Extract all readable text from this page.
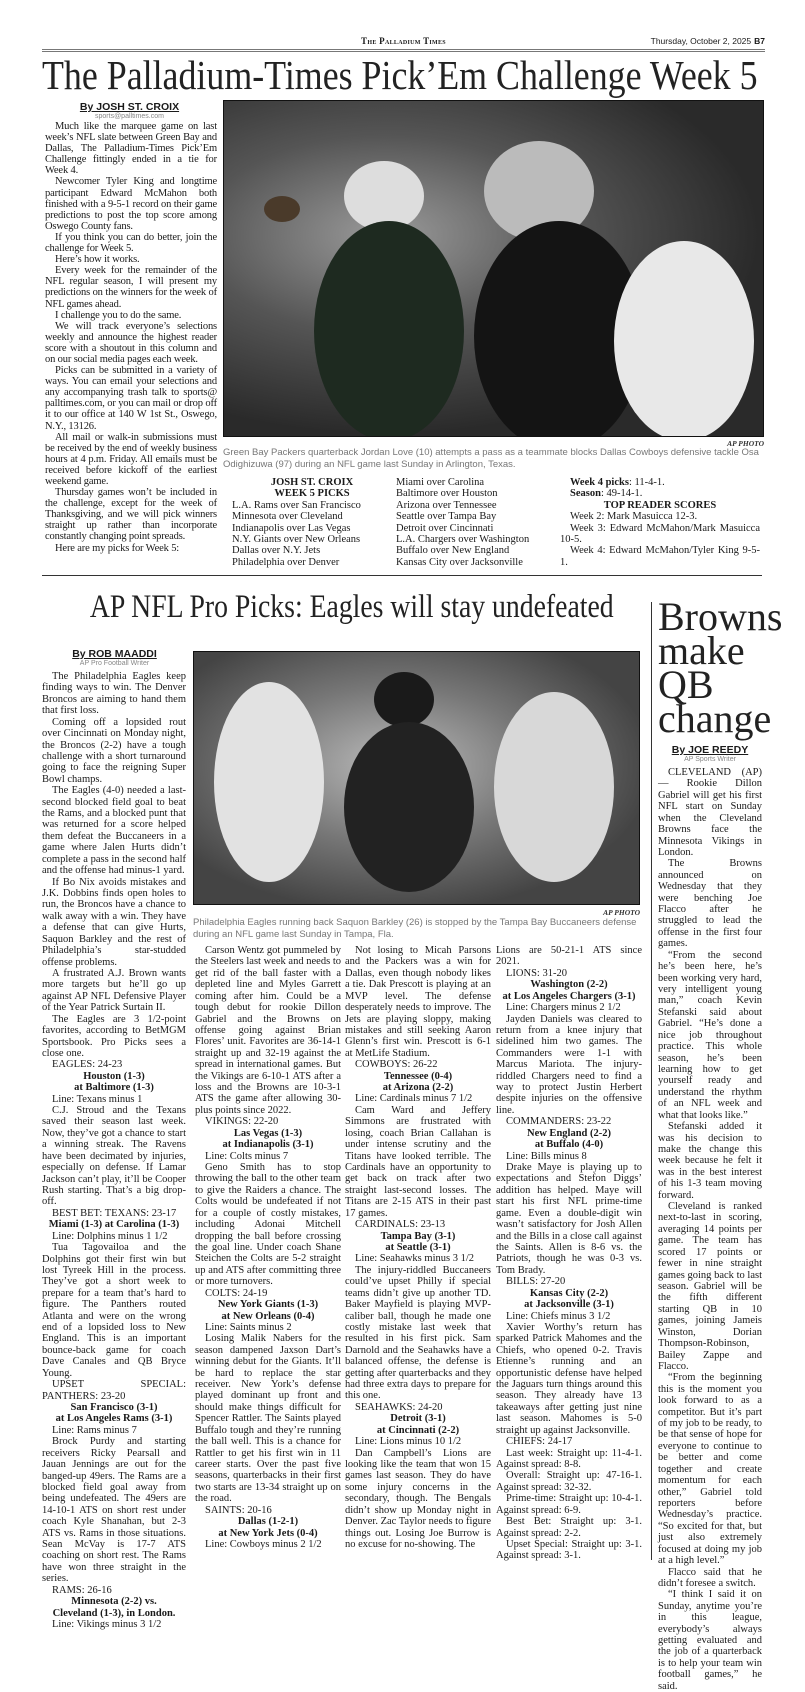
The Palladium Times	Thursday, October 2, 2025 B7
The Palladium-Times Pick’Em Challenge Week 5
By JOSH ST. CROIX
sports@palltimes.com

Much like the marquee game on last week’s NFL slate between Green Bay and Dallas, The Palladium-Times Pick’Em Challenge fittingly ended in a tie for Week 4.

Newcomer Tyler King and longtime participant Edward McMahon both finished with a 9-5-1 record on their game predictions to post the top score among Oswego County fans.

If you think you can do better, join the challenge for Week 5.

Here’s how it works.

Every week for the remainder of the NFL regular season, I will present my predictions on the winners for the week of NFL games ahead.

I challenge you to do the same.

We will track everyone’s selections weekly and announce the highest reader score with a shoutout in this column and on our social media pages each week.

Picks can be submitted in a variety of ways. You can email your selections and any accompanying trash talk to sports@ palltimes.com, or you can mail or drop off it to our office at 140 W 1st St., Oswego, N.Y., 13126.

All mail or walk-in submissions must be received by the end of weekly business hours at 4 p.m. Friday. All emails must be received before kickoff of the earliest weekend game.

Thursday games won’t be included in the challenge, except for the week of Thanksgiving, and we will pick winners straight up rather than incorporate constantly changing point spreads.

Here are my picks for Week 5:

AP PHOTO
Green Bay Packers quarterback Jordan Love (10) attempts a pass as a teammate blocks Dallas Cowboys defensive tackle Osa Odighizuwa (97) during an NFL game last Sunday in Arlington, Texas.
JOSH ST. CROIX
WEEK 5 PICKS
L.A. Rams over San Francisco
Minnesota over Cleveland
Indianapolis over Las Vegas
N.Y. Giants over New Orleans
Dallas over N.Y. Jets
Philadelphia over Denver
Miami over Carolina
Baltimore over Houston
Arizona over Tennessee
Seattle over Tampa Bay
Detroit over Cincinnati
L.A. Chargers over Washington
Buffalo over New England
Kansas City over Jacksonville
Week 4 picks: 11-4-1.
Season: 49-14-1.
TOP READER SCORES
Week 2: Mark Masuicca 12-3.
Week 3: Edward McMahon/Mark Masuicca 10-5.
Week 4: Edward McMahon/Tyler King 9-5-1.
AP NFL Pro Picks: Eagles will stay undefeated
By ROB MAADDI
AP Pro Football Writer

The Philadelphia Eagles keep finding ways to win. The Denver Broncos are aiming to hand them that first loss.

Coming off a lopsided rout over Cincinnati on Monday night, the Broncos (2-2) have a tough challenge with a short turnaround going to face the reigning Super Bowl champs.

The Eagles (4-0) needed a last-second blocked field goal to beat the Rams, and a blocked punt that was returned for a score helped them defeat the Buccaneers in a game where Jalen Hurts didn’t complete a pass in the second half and the offense had minus-1 yard.

If Bo Nix avoids mistakes and J.K. Dobbins finds open holes to run, the Broncos have a chance to walk away with a win. They have a defense that can give Hurts, Saquon Barkley and the rest of Philadelphia’s star-studded offense problems.

A frustrated A.J. Brown wants more targets but he’ll go up against AP NFL Defensive Player of the Year Patrick Surtain II.

The Eagles are 3 1/2-point favorites, according to BetMGM Sportsbook. Pro Picks sees a close one.

EAGLES: 24-23

Houston (1-3)
at Baltimore (1-3)

Line: Texans minus 1

C.J. Stroud and the Texans saved their season last week. Now, they’ve got a chance to start a winning streak. The Ravens have been decimated by injuries, especially on defense. If Lamar Jackson can’t play, it’ll be Cooper Rush starting. That’s a big drop-off.

BEST BET: TEXANS: 23-17

Miami (1-3) at Carolina (1-3)

Line: Dolphins minus 1 1/2

Tua Tagovailoa and the Dolphins got their first win but lost Tyreek Hill in the process. They’ve got a short week to prepare for a team that’s hard to figure. The Panthers routed Atlanta and were on the wrong end of a lopsided loss to New England. This is an important bounce-back game for coach Dave Canales and QB Bryce Young.

UPSET SPECIAL: PANTHERS: 23-20

San Francisco (3-1)
at Los Angeles Rams (3-1)

Line: Rams minus 7

Brock Purdy and starting receivers Ricky Pearsall and Jauan Jennings are out for the banged-up 49ers. The Rams are a blocked field goal away from being undefeated. The 49ers are 14-10-1 ATS on short rest under coach Kyle Shanahan, but 2-3 ATS vs. Rams in those situations. Sean McVay is 17-7 ATS coaching on short rest. The Rams have won three straight in the series.

RAMS: 26-16

Minnesota (2-2) vs.
Cleveland (1-3), in London.

Line: Vikings minus 3 1/2

AP PHOTO
Philadelphia Eagles running back Saquon Barkley (26) is stopped by the Tampa Bay Buccaneers defense during an NFL game last Sunday in Tampa, Fla.

Carson Wentz got pummeled by the Steelers last week and needs to get rid of the ball faster with a depleted line and Myles Garrett coming after him. Could be a tough debut for rookie Dillon Gabriel and the Browns on offense going against Brian Flores’ unit. Favorites are 36-14-1 straight up and 32-19 against the spread in international games. But the Vikings are 6-10-1 ATS after a loss and the Browns are 10-3-1 ATS the game after allowing 30-plus points since 2022.

VIKINGS: 22-20

Las Vegas (1-3)
at Indianapolis (3-1)

Line: Colts minus 7

Geno Smith has to stop throwing the ball to the other team to give the Raiders a chance. The Colts would be undefeated if not for a couple of costly mistakes, including Adonai Mitchell dropping the ball before crossing the goal line. Under coach Shane Steichen the Colts are 5-2 straight up and ATS after committing three or more turnovers.

COLTS: 24-19

New York Giants (1-3)
at New Orleans (0-4)

Line: Saints minus 2

Losing Malik Nabers for the season dampened Jaxson Dart’s winning debut for the Giants. It’ll be hard to replace the star receiver. New York’s defense played dominant up front and should make things difficult for Spencer Rattler. The Saints played Buffalo tough and they’re running the ball well. This is a chance for Rattler to get his first win in 11 career starts. Over the past five seasons, quarterbacks in their first two starts are 13-34 straight up on the road.

SAINTS: 20-16

Dallas (1-2-1)
at New York Jets (0-4)

Line: Cowboys minus 2 1/2

Not losing to Micah Parsons and the Packers was a win for Dallas, even though nobody likes a tie. Dak Prescott is playing at an MVP level. The defense desperately needs to improve. The Jets are playing sloppy, making mistakes and still seeking Aaron Glenn’s first win. Prescott is 6-1 at MetLife Stadium.

COWBOYS: 26-22

Tennessee (0-4)
at Arizona (2-2)

Line: Cardinals minus 7 1/2

Cam Ward and Jeffery Simmons are frustrated with losing, coach Brian Callahan is under intense scrutiny and the Titans have looked terrible. The Cardinals have an opportunity to get back on track after two straight last-second losses. The Titans are 2-15 ATS in their past 17 games.

CARDINALS: 23-13

Tampa Bay (3-1)
at Seattle (3-1)

Line: Seahawks minus 3 1/2

The injury-riddled Buccaneers could’ve upset Philly if special teams didn’t give up another TD. Baker Mayfield is playing MVP-caliber ball, though he made one costly mistake last week that resulted in his first pick. Sam Darnold and the Seahawks have a balanced offense, the defense is getting after quarterbacks and they had three extra days to prepare for this one.

SEAHAWKS: 24-20

Detroit (3-1)
at Cincinnati (2-2)

Line: Lions minus 10 1/2

Dan Campbell’s Lions are looking like the team that won 15 games last season. They do have some injury concerns in the secondary, though. The Bengals didn’t show up Monday night in Denver. Zac Taylor needs to figure things out. Losing Joe Burrow is no excuse for no-showing. The

Lions are 50-21-1 ATS since 2021.

LIONS: 31-20

Washington (2-2)
at Los Angeles Chargers (3-1)

Line: Chargers minus 2 1/2

Jayden Daniels was cleared to return from a knee injury that sidelined him two games. The Commanders were 1-1 with Marcus Mariota. The injury-riddled Chargers need to find a way to protect Justin Herbert despite injuries on the offensive line.

COMMANDERS: 23-22

New England (2-2)
at Buffalo (4-0)

Line: Bills minus 8

Drake Maye is playing up to expectations and Stefon Diggs’ addition has helped. Maye will start his first NFL prime-time game. Even a double-digit win wasn’t satisfactory for Josh Allen and the Bills in a close call against the Saints. Allen is 8-6 vs. the Patriots, though he was 0-3 vs. Tom Brady.

BILLS: 27-20

Kansas City (2-2)
at Jacksonville (3-1)

Line: Chiefs minus 3 1/2

Xavier Worthy’s return has sparked Patrick Mahomes and the Chiefs, who opened 0-2. Travis Etienne’s running and an opportunistic defense have helped the Jaguars turn things around this season. They already have 13 takeaways after getting just nine last season. Mahomes is 5-0 straight up against Jacksonville.

CHIEFS: 24-17

Last week: Straight up: 11-4-1. Against spread: 8-8.

Overall: Straight up: 47-16-1. Against spread: 32-32.

Prime-time: Straight up: 10-4-1. Against spread: 6-9.

Best Bet: Straight up: 3-1. Against spread: 2-2.

Upset Special: Straight up: 3-1. Against spread: 3-1.

Browns make QB change
By JOE REEDY
AP Sports Writer

CLEVELAND (AP) — Rookie Dillon Gabriel will get his first NFL start on Sunday when the Cleveland Browns face the Minnesota Vikings in London.

The Browns announced on Wednesday that they were benching Joe Flacco after he struggled to lead the offense in the first four games.

“From the second he’s been here, he’s been working very hard, very intelligent young man,” coach Kevin Stefanski said about Gabriel. “He’s done a nice job throughout practice. This whole season, he’s been learning how to get yourself ready and understand the rhythm of an NFL week and what that looks like.”

Stefanski added it was his decision to make the change this week because he felt it was in the best interest of his 1-3 team moving forward.

Cleveland is ranked next-to-last in scoring, averaging 14 points per game. The team has scored 17 points or fewer in nine straight games going back to last season. Gabriel will be the fifth different starting QB in 10 games, joining Jameis Winston, Dorian Thompson-Robinson, Bailey Zappe and Flacco.

“From the beginning this is the moment you look forward to as a competitor. But it’s part of my job to be ready, to be that sense of hope for everyone to continue to be better and come together and create momentum for each other,” Gabriel told reporters before Wednesday’s practice. “So excited for that, but just also extremely focused at doing my job at a high level.”

Flacco said that he didn’t foresee a switch.

“I think I said it on Sunday, anytime you’re in this league, everybody’s always getting evaluated and the job of a quarterback is to help your team win football games,” he said.
